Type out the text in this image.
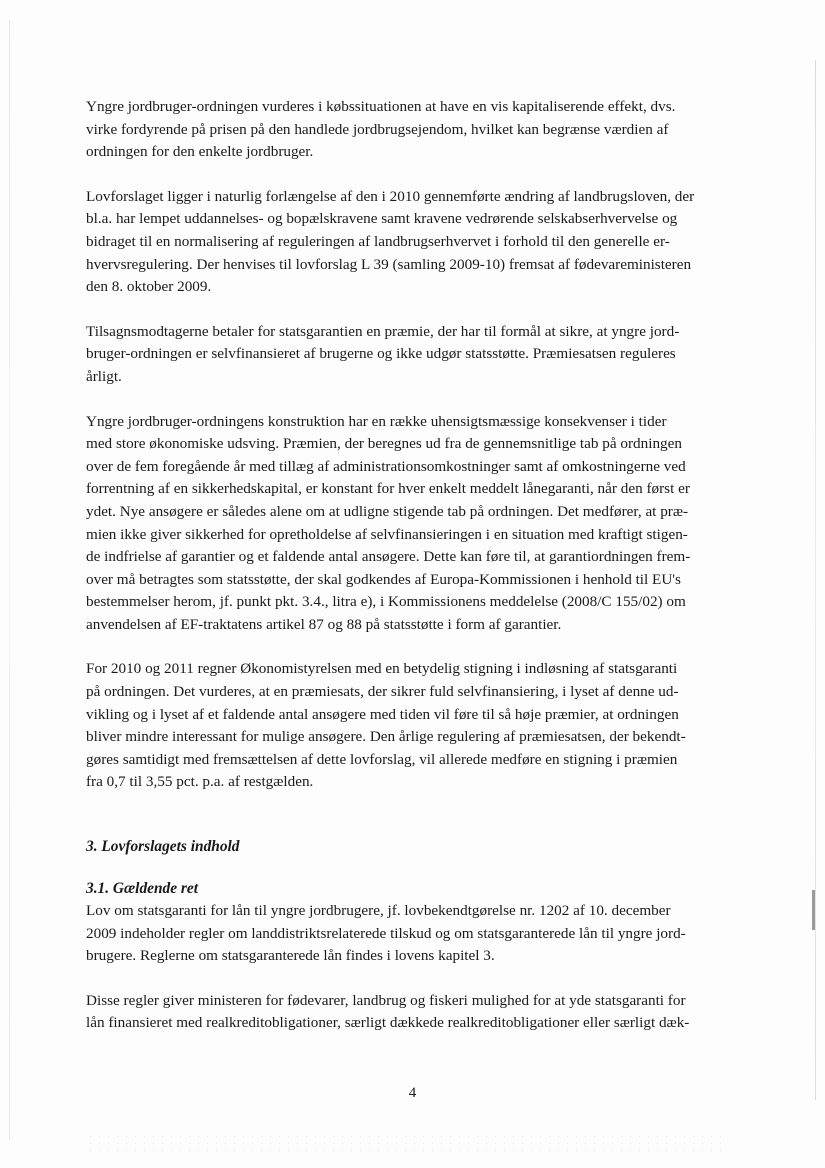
Yngre jordbruger-ordningen vurderes i købssituationen at have en vis kapitaliserende effekt, dvs.
virke fordyrende på prisen på den handlede jordbrugsejendom, hvilket kan begrænse værdien af
ordningen for den enkelte jordbruger.

Lovforslaget ligger i naturlig forlængelse af den i 2010 gennemførte ændring af landbrugsloven, der
bl.a. har lempet uddannelses- og bopælskravene samt kravene vedrørende selskabserhvervelse og
bidraget til en normalisering af reguleringen af landbrugserhvervet i forhold til den generelle er-
hvervsregulering. Der henvises til lovforslag L 39 (samling 2009-10) fremsat af fødevareministeren
den 8. oktober 2009.

Tilsagnsmodtagerne betaler for statsgarantien en præmie, der har til formål at sikre, at yngre jord-
bruger-ordningen er selvfinansieret af brugerne og ikke udgør statsstøtte. Præmiesatsen reguleres
årligt.

Yngre jordbruger-ordningens konstruktion har en række uhensigtsmæssige konsekvenser i tider
med store økonomiske udsving. Præmien, der beregnes ud fra de gennemsnitlige tab på ordningen
over de fem foregående år med tillæg af administrationsomkostninger samt af omkostningerne ved
forrentning af en sikkerhedskapital, er konstant for hver enkelt meddelt lånegaranti, når den først er
ydet. Nye ansøgere er således alene om at udligne stigende tab på ordningen. Det medfører, at præ-
mien ikke giver sikkerhed for opretholdelse af selvfinansieringen i en situation med kraftigt stigen-
de indfrielse af garantier og et faldende antal ansøgere. Dette kan føre til, at garantiordningen frem-
over må betragtes som statsstøtte, der skal godkendes af Europa-Kommissionen i henhold til EU's
bestemmelser herom, jf. punkt pkt. 3.4., litra e), i Kommissionens meddelelse (2008/C 155/02) om
anvendelsen af EF-traktatens artikel 87 og 88 på statsstøtte i form af garantier.

For 2010 og 2011 regner Økonomistyrelsen med en betydelig stigning i indløsning af statsgaranti
på ordningen. Det vurderes, at en præmiesats, der sikrer fuld selvfinansiering, i lyset af denne ud-
vikling og i lyset af et faldende antal ansøgere med tiden vil føre til så høje præmier, at ordningen
bliver mindre interessant for mulige ansøgere. Den årlige regulering af præmiesatsen, der bekendt-
gøres samtidigt med fremsættelsen af dette lovforslag, vil allerede medføre en stigning i præmien
fra 0,7 til 3,55 pct. p.a. af restgælden.

3. Lovforslagets indhold
3.1. Gældende ret

Lov om statsgaranti for lån til yngre jordbrugere, jf. lovbekendtgørelse nr. 1202 af 10. december
2009 indeholder regler om landdistriktsrelaterede tilskud og om statsgaranterede lån til yngre jord-
brugere. Reglerne om statsgaranterede lån findes i lovens kapitel 3.

Disse regler giver ministeren for fødevarer, landbrug og fiskeri mulighed for at yde statsgaranti for
lån finansieret med realkreditobligationer, særligt dækkede realkreditobligationer eller særligt dæk-

4
